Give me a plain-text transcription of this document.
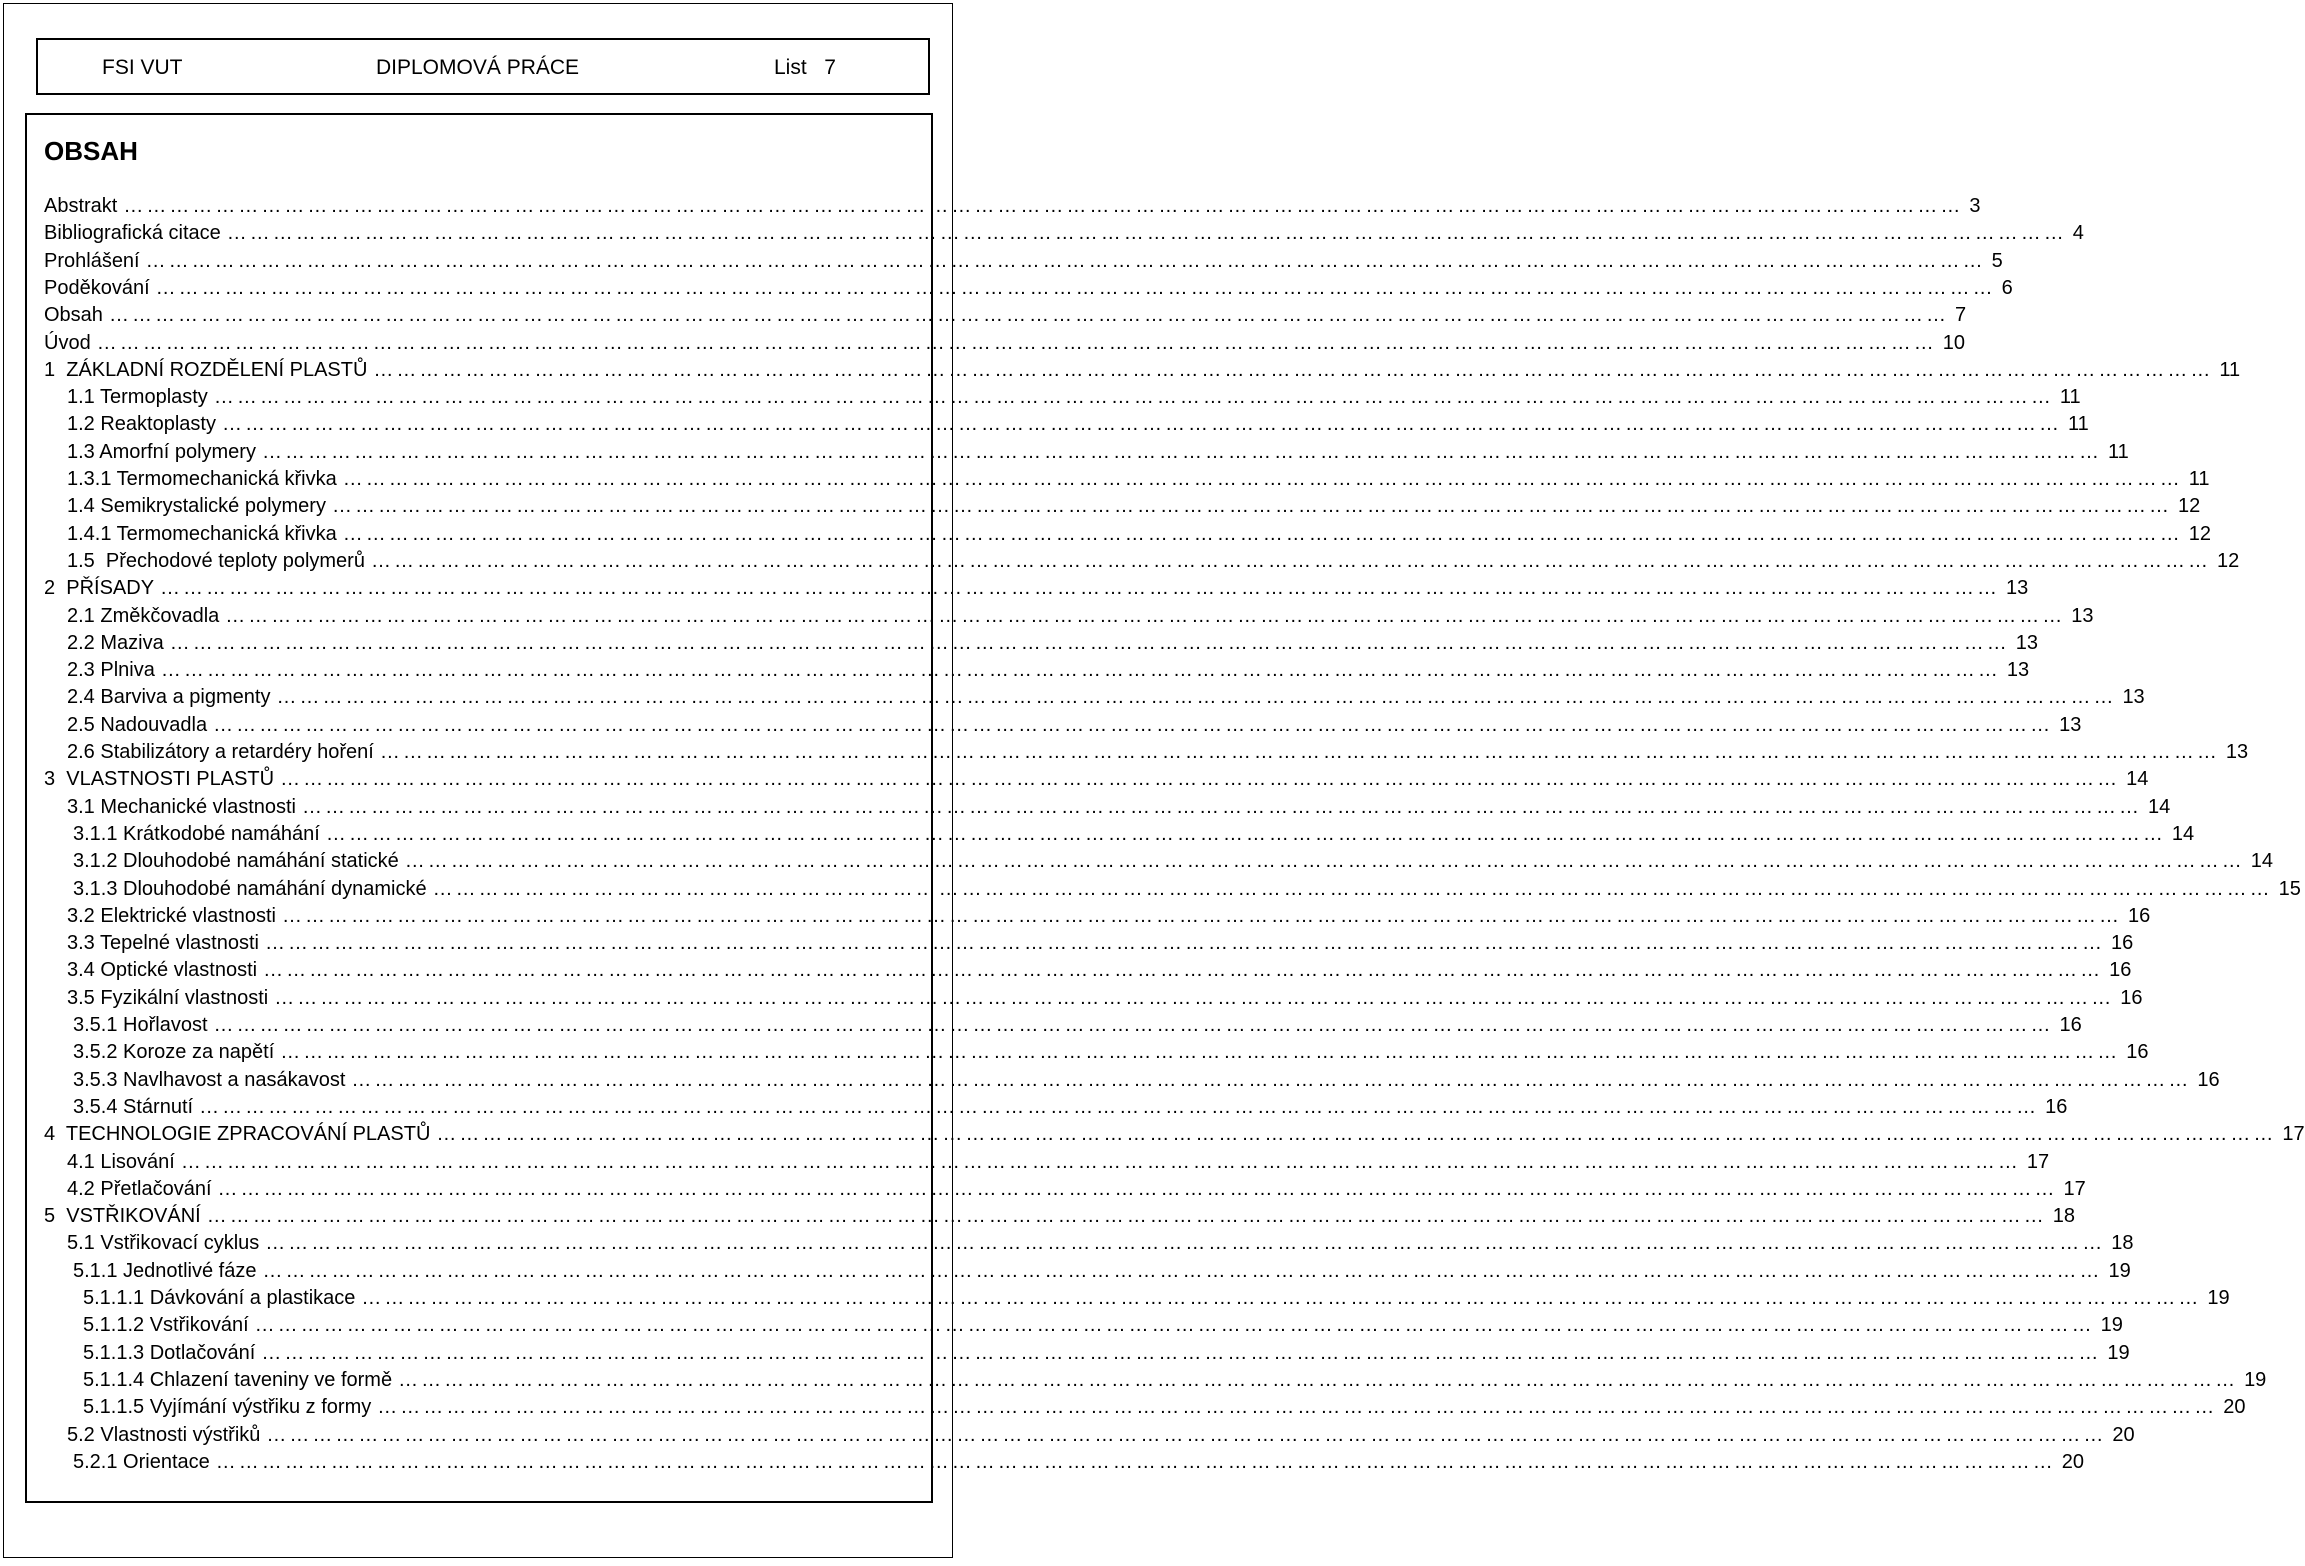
FSI VUT	DIPLOMOVÁ PRÁCE	List 7
OBSAH
Abstrakt …………………………………………………………………………………………………………………………………………………………………………………………………………………… 3
Bibliografická citace …………………………………………………………………………………………………………………………………………………………………………………………………………………… 4
Prohlášení …………………………………………………………………………………………………………………………………………………………………………………………………………………… 5
Poděkování …………………………………………………………………………………………………………………………………………………………………………………………………………………… 6
Obsah …………………………………………………………………………………………………………………………………………………………………………………………………………………… 7
Úvod …………………………………………………………………………………………………………………………………………………………………………………………………………………… 10
1  ZÁKLADNÍ ROZDĚLENÍ PLASTŮ …………………………………………………………………………………………………………………………………………………………………………………………………………………… 11
1.1 Termoplasty …………………………………………………………………………………………………………………………………………………………………………………………………………………… 11
1.2 Reaktoplasty …………………………………………………………………………………………………………………………………………………………………………………………………………………… 11
1.3 Amorfní polymery …………………………………………………………………………………………………………………………………………………………………………………………………………………… 11
1.3.1 Termomechanická křivka …………………………………………………………………………………………………………………………………………………………………………………………………………………… 11
1.4 Semikrystalické polymery …………………………………………………………………………………………………………………………………………………………………………………………………………………… 12
1.4.1 Termomechanická křivka …………………………………………………………………………………………………………………………………………………………………………………………………………………… 12
1.5  Přechodové teploty polymerů …………………………………………………………………………………………………………………………………………………………………………………………………………………… 12
2  PŘÍSADY …………………………………………………………………………………………………………………………………………………………………………………………………………………… 13
2.1 Změkčovadla …………………………………………………………………………………………………………………………………………………………………………………………………………………… 13
2.2 Maziva …………………………………………………………………………………………………………………………………………………………………………………………………………………… 13
2.3 Plniva …………………………………………………………………………………………………………………………………………………………………………………………………………………… 13
2.4 Barviva a pigmenty …………………………………………………………………………………………………………………………………………………………………………………………………………………… 13
2.5 Nadouvadla …………………………………………………………………………………………………………………………………………………………………………………………………………………… 13
2.6 Stabilizátory a retardéry hoření …………………………………………………………………………………………………………………………………………………………………………………………………………………… 13
3  VLASTNOSTI PLASTŮ …………………………………………………………………………………………………………………………………………………………………………………………………………………… 14
3.1 Mechanické vlastnosti …………………………………………………………………………………………………………………………………………………………………………………………………………………… 14
3.1.1 Krátkodobé namáhání …………………………………………………………………………………………………………………………………………………………………………………………………………………… 14
3.1.2 Dlouhodobé namáhání statické …………………………………………………………………………………………………………………………………………………………………………………………………………………… 14
3.1.3 Dlouhodobé namáhání dynamické …………………………………………………………………………………………………………………………………………………………………………………………………………………… 15
3.2 Elektrické vlastnosti …………………………………………………………………………………………………………………………………………………………………………………………………………………… 16
3.3 Tepelné vlastnosti …………………………………………………………………………………………………………………………………………………………………………………………………………………… 16
3.4 Optické vlastnosti …………………………………………………………………………………………………………………………………………………………………………………………………………………… 16
3.5 Fyzikální vlastnosti …………………………………………………………………………………………………………………………………………………………………………………………………………………… 16
3.5.1 Hořlavost …………………………………………………………………………………………………………………………………………………………………………………………………………………… 16
3.5.2 Koroze za napětí …………………………………………………………………………………………………………………………………………………………………………………………………………………… 16
3.5.3 Navlhavost a nasákavost …………………………………………………………………………………………………………………………………………………………………………………………………………………… 16
3.5.4 Stárnutí …………………………………………………………………………………………………………………………………………………………………………………………………………………… 16
4  TECHNOLOGIE ZPRACOVÁNÍ PLASTŮ …………………………………………………………………………………………………………………………………………………………………………………………………………………… 17
4.1 Lisování …………………………………………………………………………………………………………………………………………………………………………………………………………………… 17
4.2 Přetlačování …………………………………………………………………………………………………………………………………………………………………………………………………………………… 17
5  VSTŘIKOVÁNÍ …………………………………………………………………………………………………………………………………………………………………………………………………………………… 18
5.1 Vstřikovací cyklus …………………………………………………………………………………………………………………………………………………………………………………………………………………… 18
5.1.1 Jednotlivé fáze …………………………………………………………………………………………………………………………………………………………………………………………………………………… 19
5.1.1.1 Dávkování a plastikace …………………………………………………………………………………………………………………………………………………………………………………………………………………… 19
5.1.1.2 Vstřikování …………………………………………………………………………………………………………………………………………………………………………………………………………………… 19
5.1.1.3 Dotlačování …………………………………………………………………………………………………………………………………………………………………………………………………………………… 19
5.1.1.4 Chlazení taveniny ve formě …………………………………………………………………………………………………………………………………………………………………………………………………………………… 19
5.1.1.5 Vyjímání výstřiku z formy …………………………………………………………………………………………………………………………………………………………………………………………………………………… 20
5.2 Vlastnosti výstřiků …………………………………………………………………………………………………………………………………………………………………………………………………………………… 20
5.2.1 Orientace …………………………………………………………………………………………………………………………………………………………………………………………………………………… 20
